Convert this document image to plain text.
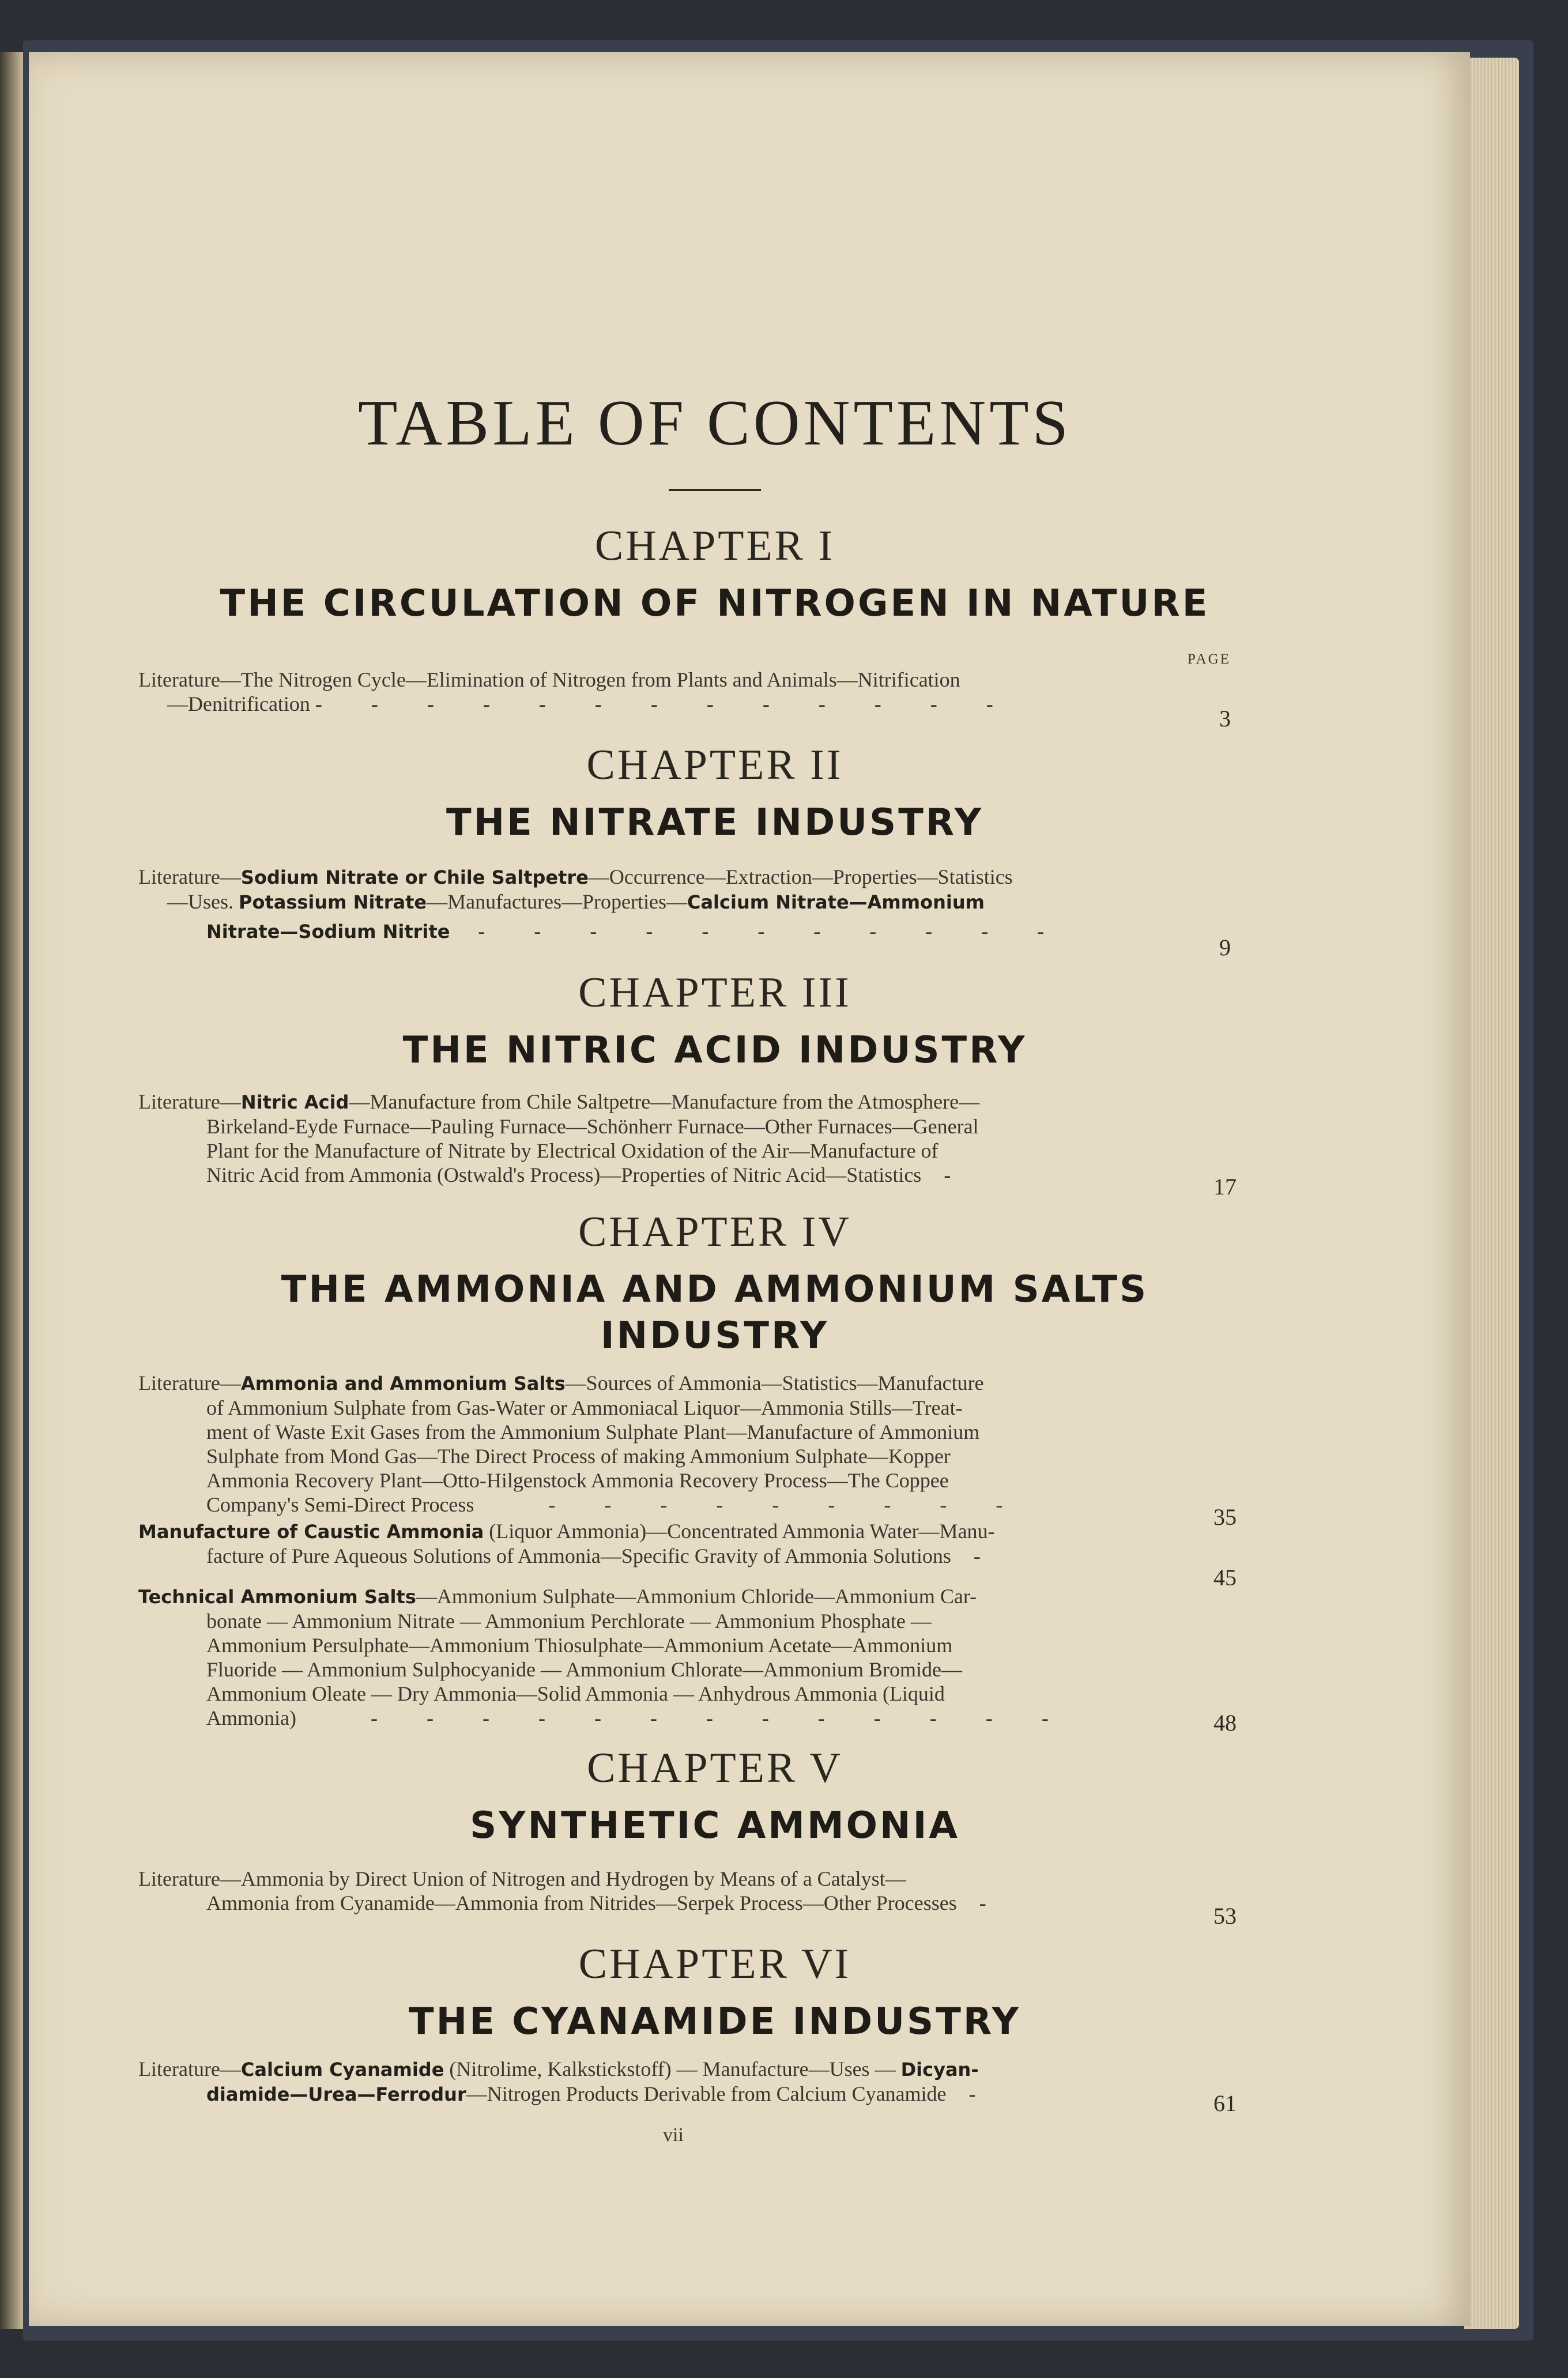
TABLE OF CONTENTS
CHAPTER I
THE CIRCULATION OF NITROGEN IN NATURE
PAGE
Literature—The Nitrogen Cycle—Elimination of Nitrogen from Plants and Animals—Nitrification
—Denitrification - - - - - - - - - - - - -
3
CHAPTER II
THE NITRATE INDUSTRY
Literature—Sodium Nitrate or Chile Saltpetre—Occurrence—Extraction—Properties—Statistics
—Uses. Potassium Nitrate—Manufactures—Properties—Calcium Nitrate—Ammonium
Nitrate—Sodium Nitrite - - - - - - - - - - -
9
CHAPTER III
THE NITRIC ACID INDUSTRY
Literature—Nitric Acid—Manufacture from Chile Saltpetre—Manufacture from the Atmosphere—
Birkeland-Eyde Furnace—Pauling Furnace—Schönherr Furnace—Other Furnaces—General
Plant for the Manufacture of Nitrate by Electrical Oxidation of the Air—Manufacture of
Nitric Acid from Ammonia (Ostwald's Process)—Properties of Nitric Acid—Statistics -	17
CHAPTER IV
THE AMMONIA AND AMMONIUM SALTS
INDUSTRY
Literature—Ammonia and Ammonium Salts—Sources of Ammonia—Statistics—Manufacture
of Ammonium Sulphate from Gas-Water or Ammoniacal Liquor—Ammonia Stills—Treat-
ment of Waste Exit Gases from the Ammonium Sulphate Plant—Manufacture of Ammonium
Sulphate from Mond Gas—The Direct Process of making Ammonium Sulphate—Kopper
Ammonia Recovery Plant—Otto-Hilgenstock Ammonia Recovery Process—The Coppee
Company's Semi-Direct Process	- - - - - - - - -	35
Manufacture of Caustic Ammonia (Liquor Ammonia)—Concentrated Ammonia Water—Manu-
facture of Pure Aqueous Solutions of Ammonia—Specific Gravity of Ammonia Solutions -
45
Technical Ammonium Salts—Ammonium Sulphate—Ammonium Chloride—Ammonium Car-
bonate — Ammonium Nitrate — Ammonium Perchlorate — Ammonium Phosphate —
Ammonium Persulphate—Ammonium Thiosulphate—Ammonium Acetate—Ammonium
Fluoride — Ammonium Sulphocyanide — Ammonium Chlorate—Ammonium Bromide—
Ammonium Oleate — Dry Ammonia—Solid Ammonia — Anhydrous Ammonia (Liquid
Ammonia)	- - - - - - - - - - - - -	48
CHAPTER V
SYNTHETIC AMMONIA
Literature—Ammonia by Direct Union of Nitrogen and Hydrogen by Means of a Catalyst—
Ammonia from Cyanamide—Ammonia from Nitrides—Serpek Process—Other Processes -	53
CHAPTER VI
THE CYANAMIDE INDUSTRY
Literature—Calcium Cyanamide (Nitrolime, Kalkstickstoff) — Manufacture—Uses — Dicyan-
diamide—Urea—Ferrodur—Nitrogen Products Derivable from Calcium Cyanamide -	61
vii
